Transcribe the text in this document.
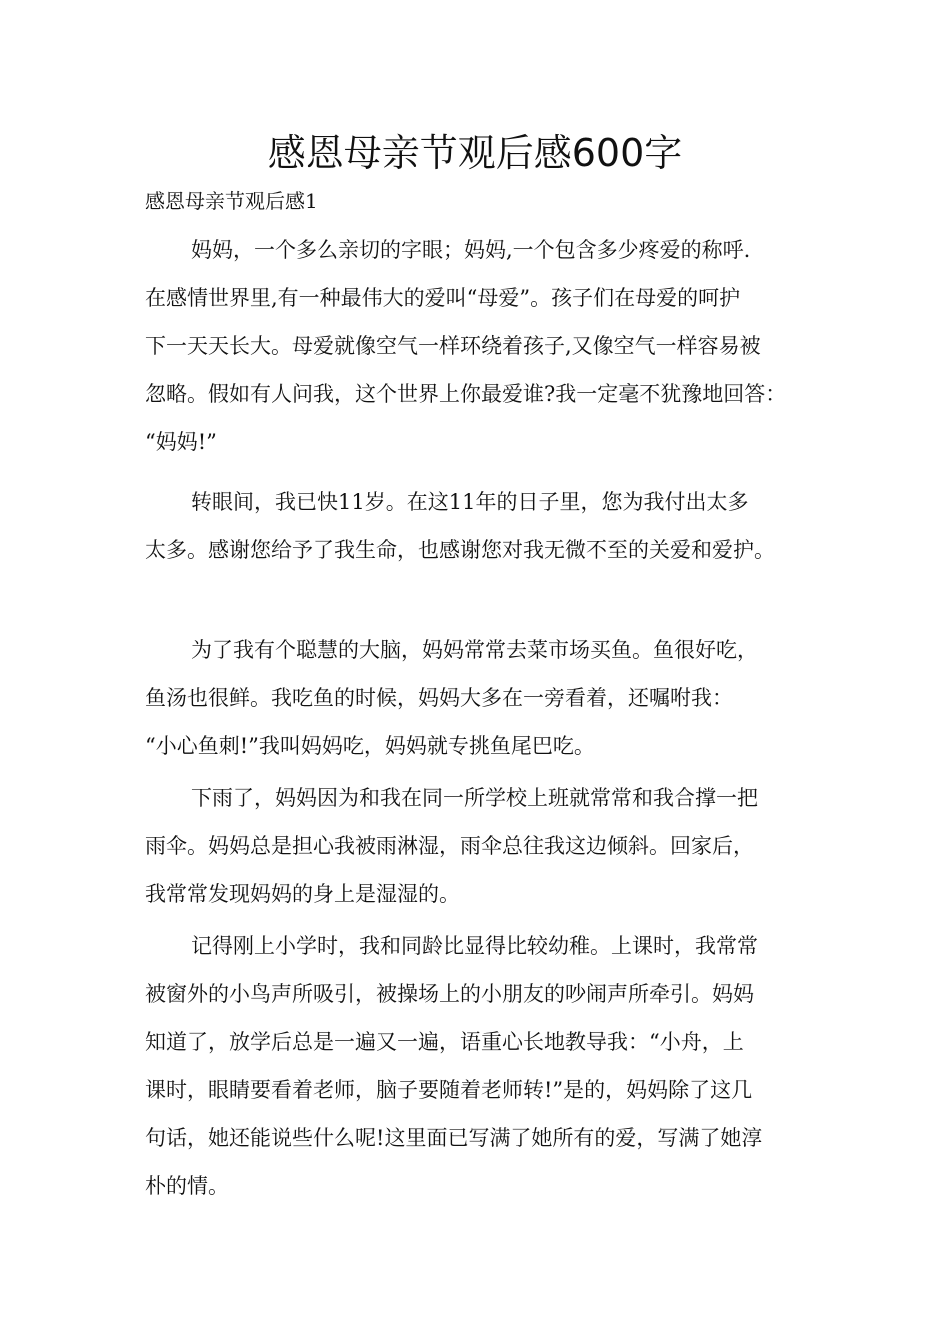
感恩母亲节观后感600字

感恩母亲节观后感1

妈妈，一个多么亲切的字眼；妈妈,一个包含多少疼爱的称呼.
在感情世界里,有一种最伟大的爱叫“母爱”。孩子们在母爱的呵护
下一天天长大。母爱就像空气一样环绕着孩子,又像空气一样容易被
忽略。假如有人问我，这个世界上你最爱谁?我一定毫不犹豫地回答：
“妈妈!”

转眼间，我已快11岁。在这11年的日子里，您为我付出太多
太多。感谢您给予了我生命，也感谢您对我无微不至的关爱和爱护。

为了我有个聪慧的大脑，妈妈常常去菜市场买鱼。鱼很好吃，
鱼汤也很鲜。我吃鱼的时候，妈妈大多在一旁看着，还嘱咐我：
“小心鱼刺!”我叫妈妈吃，妈妈就专挑鱼尾巴吃。

下雨了，妈妈因为和我在同一所学校上班就常常和我合撑一把
雨伞。妈妈总是担心我被雨淋湿，雨伞总往我这边倾斜。回家后，
我常常发现妈妈的身上是湿湿的。

记得刚上小学时，我和同龄比显得比较幼稚。上课时，我常常
被窗外的小鸟声所吸引，被操场上的小朋友的吵闹声所牵引。妈妈
知道了，放学后总是一遍又一遍，语重心长地教导我：“小舟，上
课时，眼睛要看着老师，脑子要随着老师转!”是的，妈妈除了这几
句话，她还能说些什么呢!这里面已写满了她所有的爱，写满了她淳
朴的情。
